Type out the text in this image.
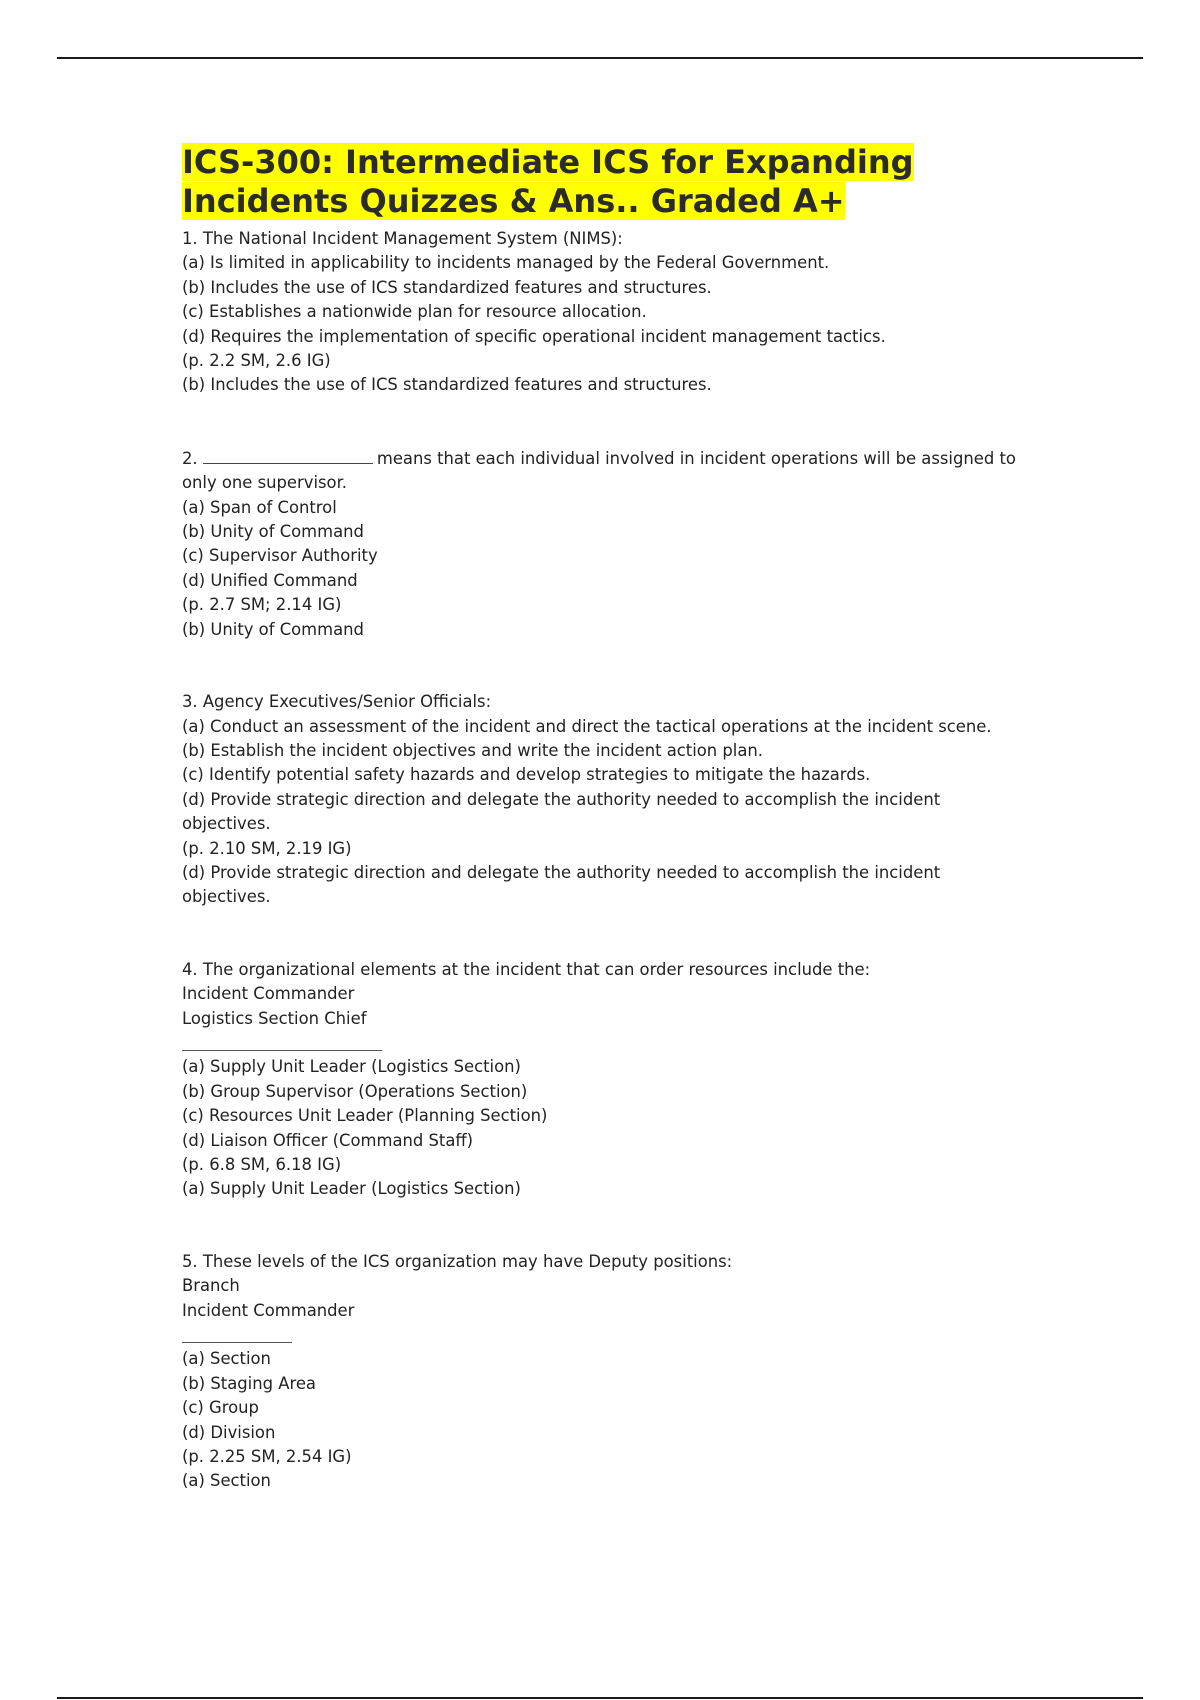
ICS-300: Intermediate ICS for Expanding
Incidents Quizzes & Ans.. Graded A+
1. The National Incident Management System (NIMS):
(a) Is limited in applicability to incidents managed by the Federal Government.
(b) Includes the use of ICS standardized features and structures.
(c) Establishes a nationwide plan for resource allocation.
(d) Requires the implementation of specific operational incident management tactics.
(p. 2.2 SM, 2.6 IG)
(b) Includes the use of ICS standardized features and structures.
2.	means that each individual involved in incident operations will be assigned to
only one supervisor.
(a) Span of Control
(b) Unity of Command
(c) Supervisor Authority
(d) Unified Command
(p. 2.7 SM; 2.14 IG)
(b) Unity of Command
3. Agency Executives/Senior Officials:
(a) Conduct an assessment of the incident and direct the tactical operations at the incident scene.
(b) Establish the incident objectives and write the incident action plan.
(c) Identify potential safety hazards and develop strategies to mitigate the hazards.
(d) Provide strategic direction and delegate the authority needed to accomplish the incident
objectives.
(p. 2.10 SM, 2.19 IG)
(d) Provide strategic direction and delegate the authority needed to accomplish the incident
objectives.
4. The organizational elements at the incident that can order resources include the:
Incident Commander
Logistics Section Chief
(a) Supply Unit Leader (Logistics Section)
(b) Group Supervisor (Operations Section)
(c) Resources Unit Leader (Planning Section)
(d) Liaison Officer (Command Staff)
(p. 6.8 SM, 6.18 IG)
(a) Supply Unit Leader (Logistics Section)
5. These levels of the ICS organization may have Deputy positions:
Branch
Incident Commander
(a) Section
(b) Staging Area
(c) Group
(d) Division
(p. 2.25 SM, 2.54 IG)
(a) Section
